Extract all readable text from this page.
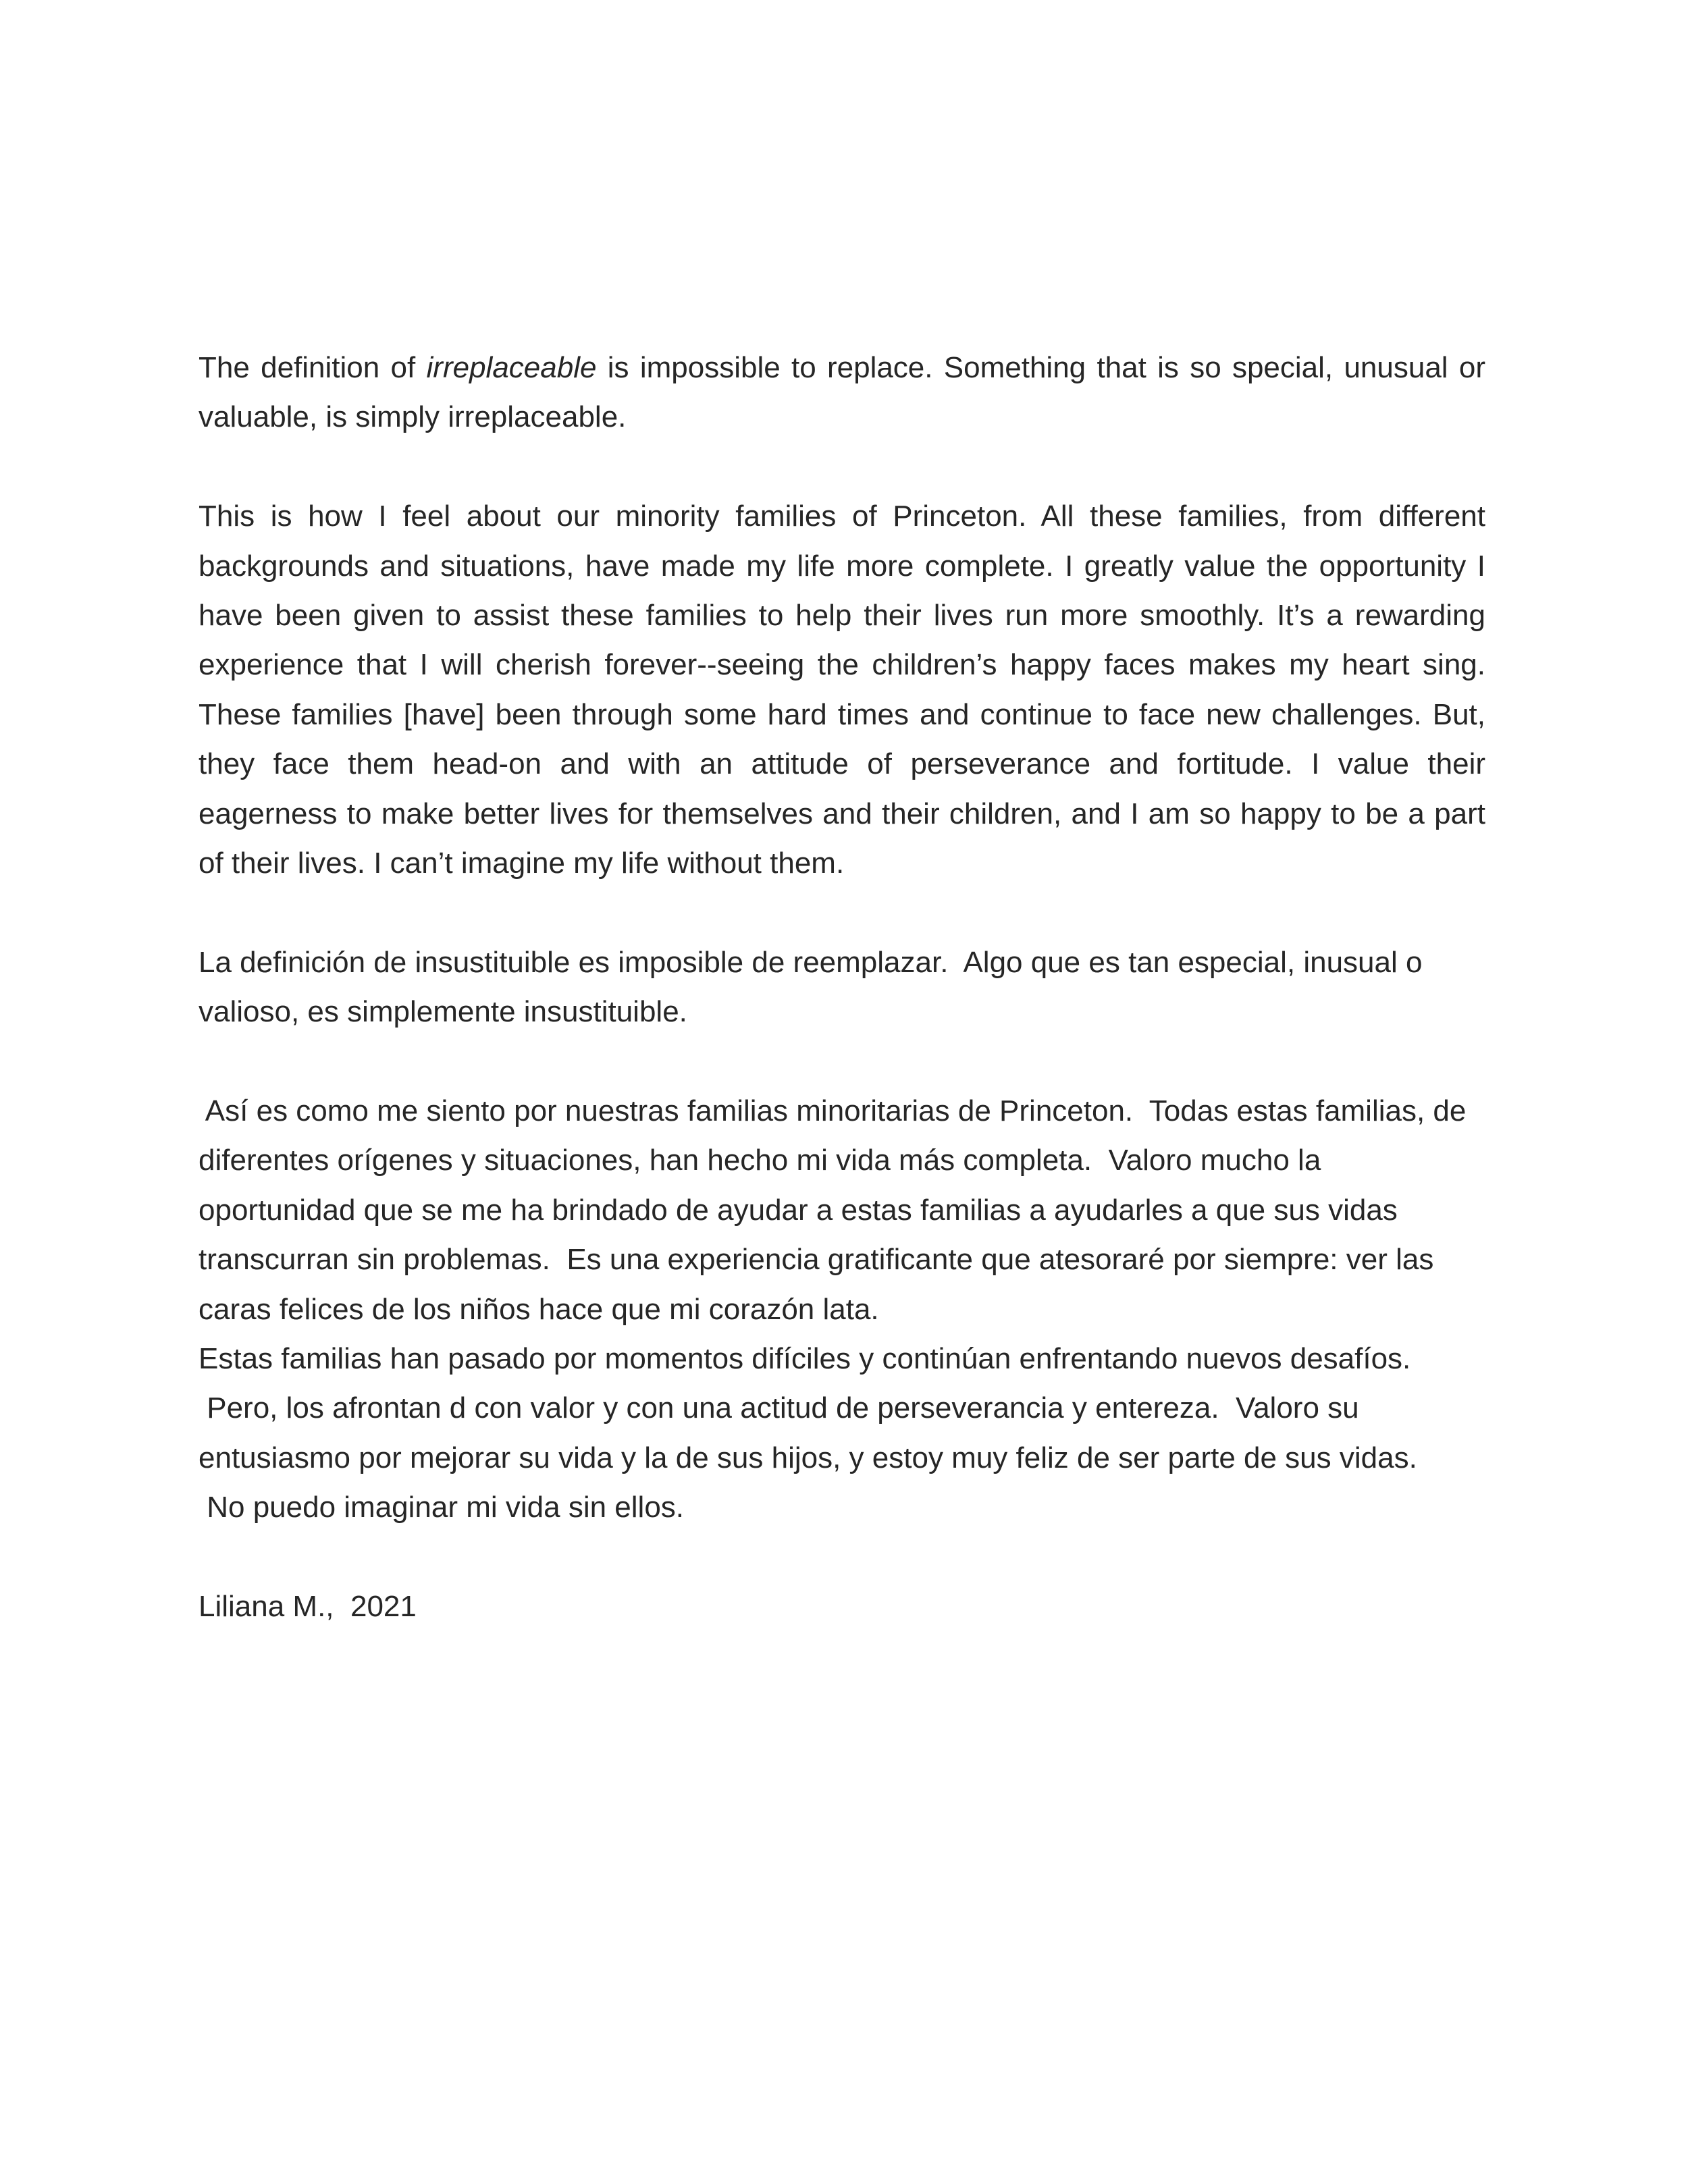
The definition of irreplaceable is impossible to replace. Something that is so special, unusual or valuable, is simply irreplaceable.

This is how I feel about our minority families of Princeton. All these families, from different backgrounds and situations, have made my life more complete. I greatly value the opportunity I have been given to assist these families to help their lives run more smoothly. It’s a rewarding experience that I will cherish forever--seeing the children’s happy faces makes my heart sing. These families [have] been through some hard times and continue to face new challenges. But, they face them head-on and with an attitude of perseverance and fortitude. I value their eagerness to make better lives for themselves and their children, and I am so happy to be a part of their lives. I can’t imagine my life without them.

La definición de insustituible es imposible de reemplazar.  Algo que es tan especial, inusual o
valioso, es simplemente insustituible.

Así es como me siento por nuestras familias minoritarias de Princeton.  Todas estas familias, de
diferentes orígenes y situaciones, han hecho mi vida más completa.  Valoro mucho la
oportunidad que se me ha brindado de ayudar a estas familias a ayudarles a que sus vidas
transcurran sin problemas.  Es una experiencia gratificante que atesoraré por siempre: ver las
caras felices de los niños hace que mi corazón lata.
Estas familias han pasado por momentos difíciles y continúan enfrentando nuevos desafíos.
Pero, los afrontan d con valor y con una actitud de perseverancia y entereza.  Valoro su
entusiasmo por mejorar su vida y la de sus hijos, y estoy muy feliz de ser parte de sus vidas.
No puedo imaginar mi vida sin ellos.

Liliana M.,  2021
